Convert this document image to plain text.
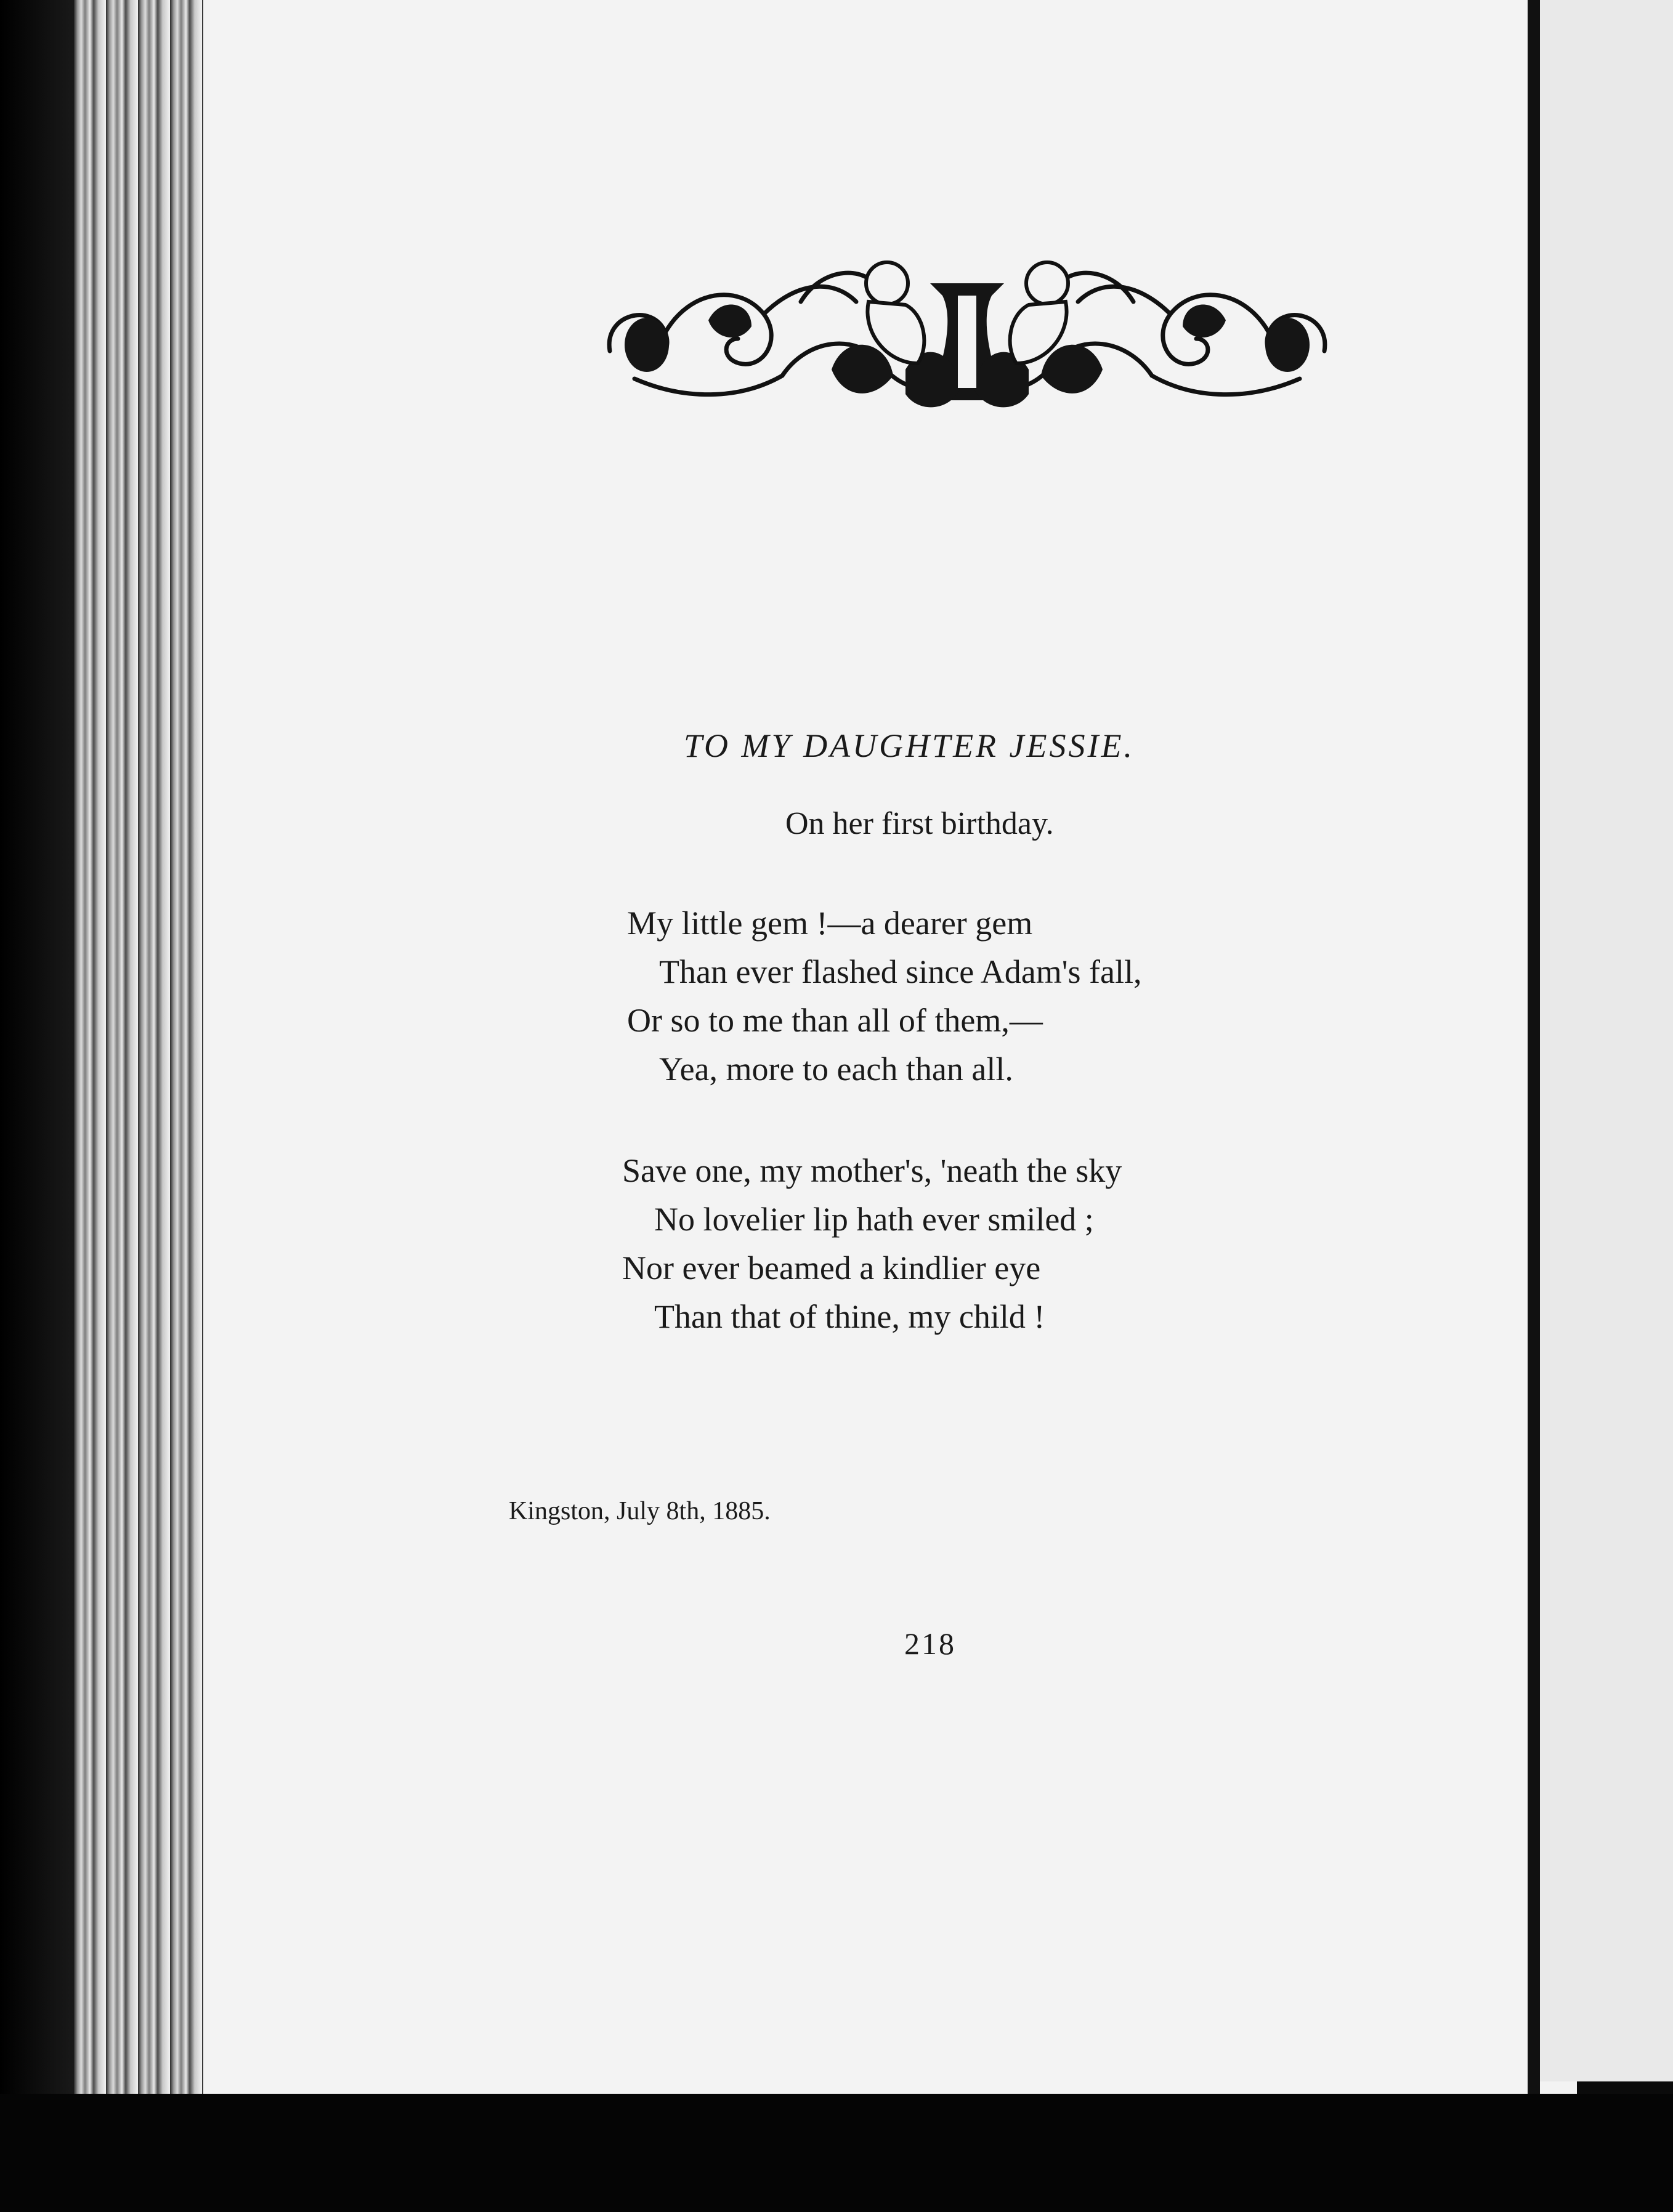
TO MY DAUGHTER JESSIE.
On her first birthday.
My little gem !—a dearer gem
Than ever flashed since Adam's fall,
Or so to me than all of them,—
Yea, more to each than all.
Save one, my mother's, 'neath the sky
No lovelier lip hath ever smiled ;
Nor ever beamed a kindlier eye
Than that of thine, my child !
Kingston, July 8th, 1885.
218
